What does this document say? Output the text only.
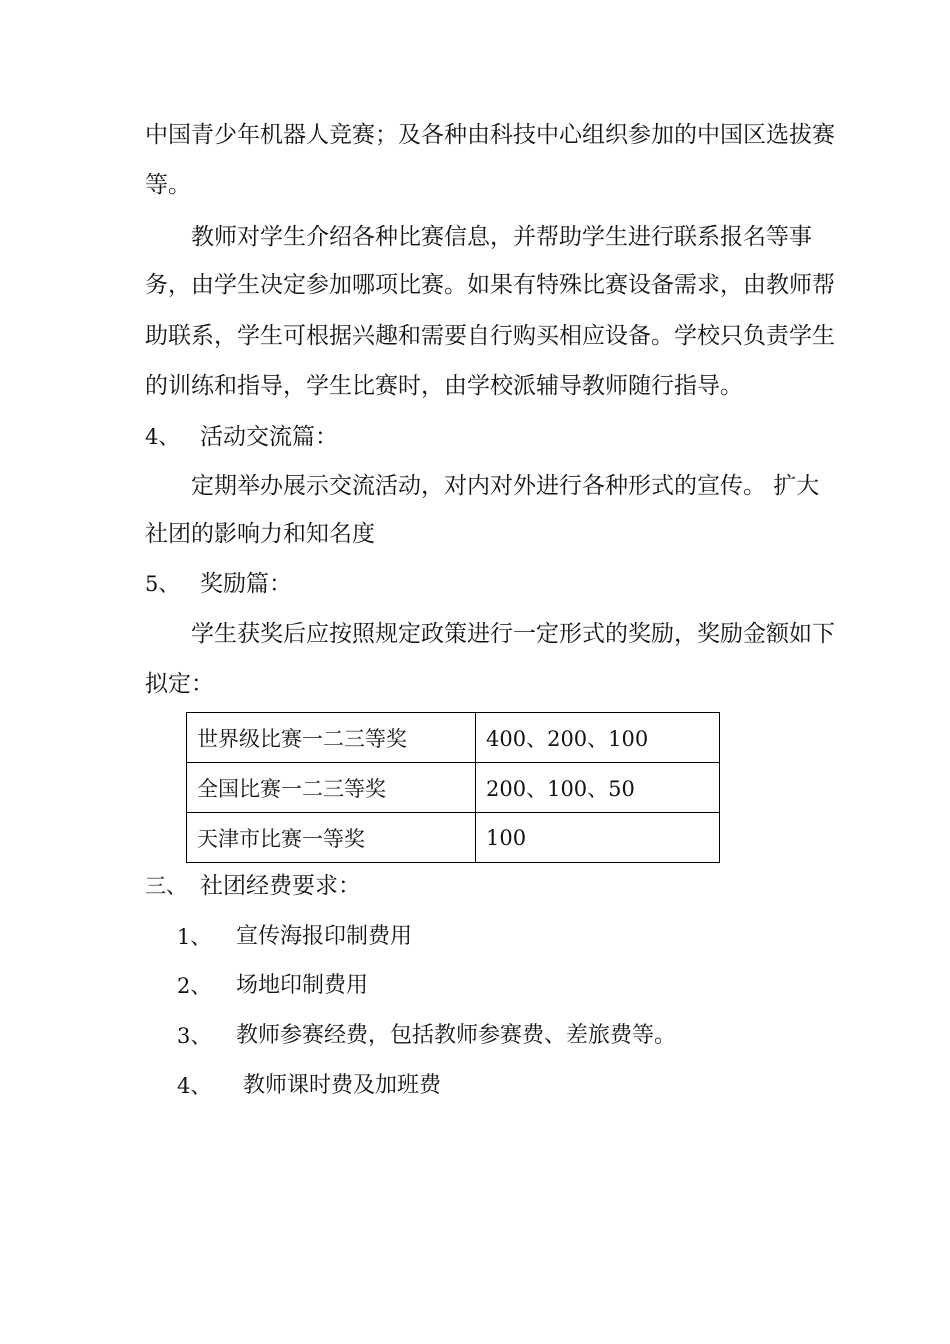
中国青少年机器人竞赛；及各种由科技中心组织参加的中国区选拔赛
等。
教师对学生介绍各种比赛信息，并帮助学生进行联系报名等事
务，由学生决定参加哪项比赛。如果有特殊比赛设备需求，由教师帮
助联系，学生可根据兴趣和需要自行购买相应设备。学校只负责学生
的训练和指导，学生比赛时，由学校派辅导教师随行指导。
4、 活动交流篇：
定期举办展示交流活动，对内对外进行各种形式的宣传。 扩大
社团的影响力和知名度
5、 奖励篇：
学生获奖后应按照规定政策进行一定形式的奖励，奖励金额如下
拟定：
世界级比赛一二三等奖	400、200、100
全国比赛一二三等奖	200、100、50
天津市比赛一等奖	100
三、 社团经费要求：
1、 宣传海报印制费用
2、 场地印制费用
3、 教师参赛经费，包括教师参赛费、差旅费等。
4、 教师课时费及加班费
